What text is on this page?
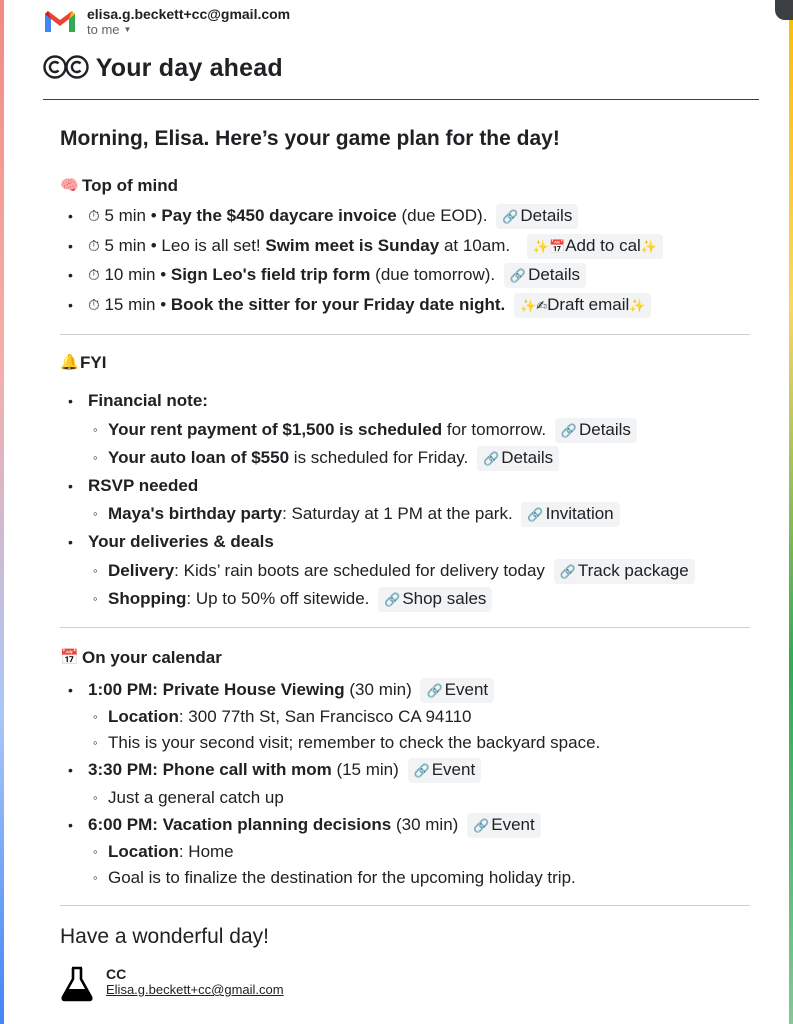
elisa.g.beckett+cc@gmail.com
to me ▼
Your day ahead
Morning, Elisa. Here’s your game plan for the day!
🧠 Top of mind
• ⏱ 5 min • Pay the $450 daycare invoice (due EOD). 🔗 Details
• ⏱ 5 min • Leo is all set! Swim meet is Sunday at 10am. ✨📅Add to cal✨
• ⏱ 10 min • Sign Leo's field trip form (due tomorrow). 🔗 Details
• ⏱ 15 min • Book the sitter for your Friday date night. ✨✍Draft email✨
🔔 FYI
• Financial note:
◦ Your rent payment of $1,500 is scheduled for tomorrow. 🔗 Details
◦ Your auto loan of $550 is scheduled for Friday. 🔗 Details
• RSVP needed
◦ Maya's birthday party: Saturday at 1 PM at the park. 🔗 Invitation
• Your deliveries & deals
◦ Delivery: Kids’ rain boots are scheduled for delivery today 🔗 Track package
◦ Shopping: Up to 50% off sitewide. 🔗 Shop sales
📅 On your calendar
• 1:00 PM: Private House Viewing (30 min) 🔗 Event
◦ Location: 300 77th St, San Francisco CA 94110
◦ This is your second visit; remember to check the backyard space.
• 3:30 PM: Phone call with mom (15 min) 🔗 Event
◦ Just a general catch up
• 6:00 PM: Vacation planning decisions (30 min) 🔗 Event
◦ Location: Home
◦ Goal is to finalize the destination for the upcoming holiday trip.
Have a wonderful day!
CC
Elisa.g.beckett+cc@gmail.com
